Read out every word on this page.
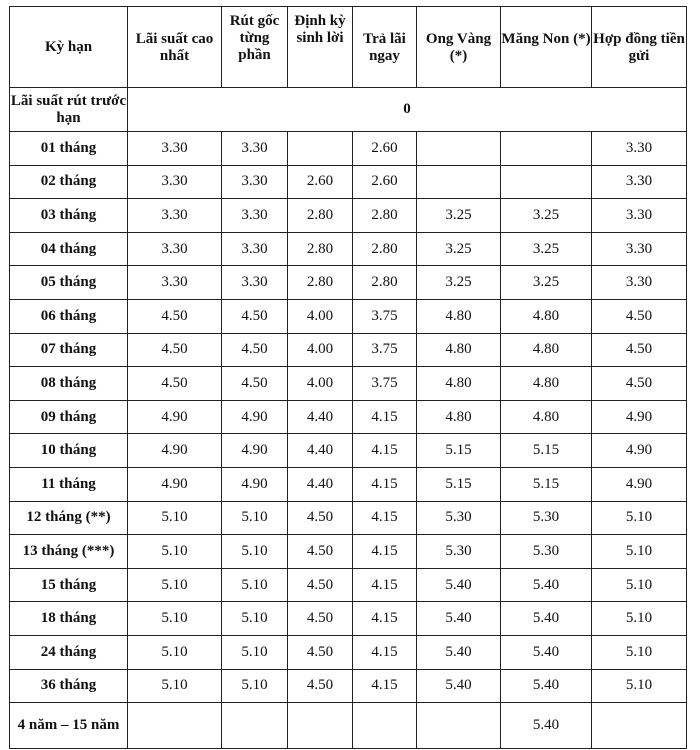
Kỳ hạn	Lãi suất cao nhất	Rút gốc từng phần	Định kỳ sinh lời	Trả lãi ngay	Ong Vàng (*)	Măng Non (*)	Hợp đồng tiền gửi
Lãi suất rút trước hạn	0						
01 tháng	3.30	3.30		2.60			3.30
02 tháng	3.30	3.30	2.60	2.60			3.30
03 tháng	3.30	3.30	2.80	2.80	3.25	3.25	3.30
04 tháng	3.30	3.30	2.80	2.80	3.25	3.25	3.30
05 tháng	3.30	3.30	2.80	2.80	3.25	3.25	3.30
06 tháng	4.50	4.50	4.00	3.75	4.80	4.80	4.50
07 tháng	4.50	4.50	4.00	3.75	4.80	4.80	4.50
08 tháng	4.50	4.50	4.00	3.75	4.80	4.80	4.50
09 tháng	4.90	4.90	4.40	4.15	4.80	4.80	4.90
10 tháng	4.90	4.90	4.40	4.15	5.15	5.15	4.90
11 tháng	4.90	4.90	4.40	4.15	5.15	5.15	4.90
12 tháng (**)	5.10	5.10	4.50	4.15	5.30	5.30	5.10
13 tháng (***)	5.10	5.10	4.50	4.15	5.30	5.30	5.10
15 tháng	5.10	5.10	4.50	4.15	5.40	5.40	5.10
18 tháng	5.10	5.10	4.50	4.15	5.40	5.40	5.10
24 tháng	5.10	5.10	4.50	4.15	5.40	5.40	5.10
36 tháng	5.10	5.10	4.50	4.15	5.40	5.40	5.10
4 năm – 15 năm						5.40	
